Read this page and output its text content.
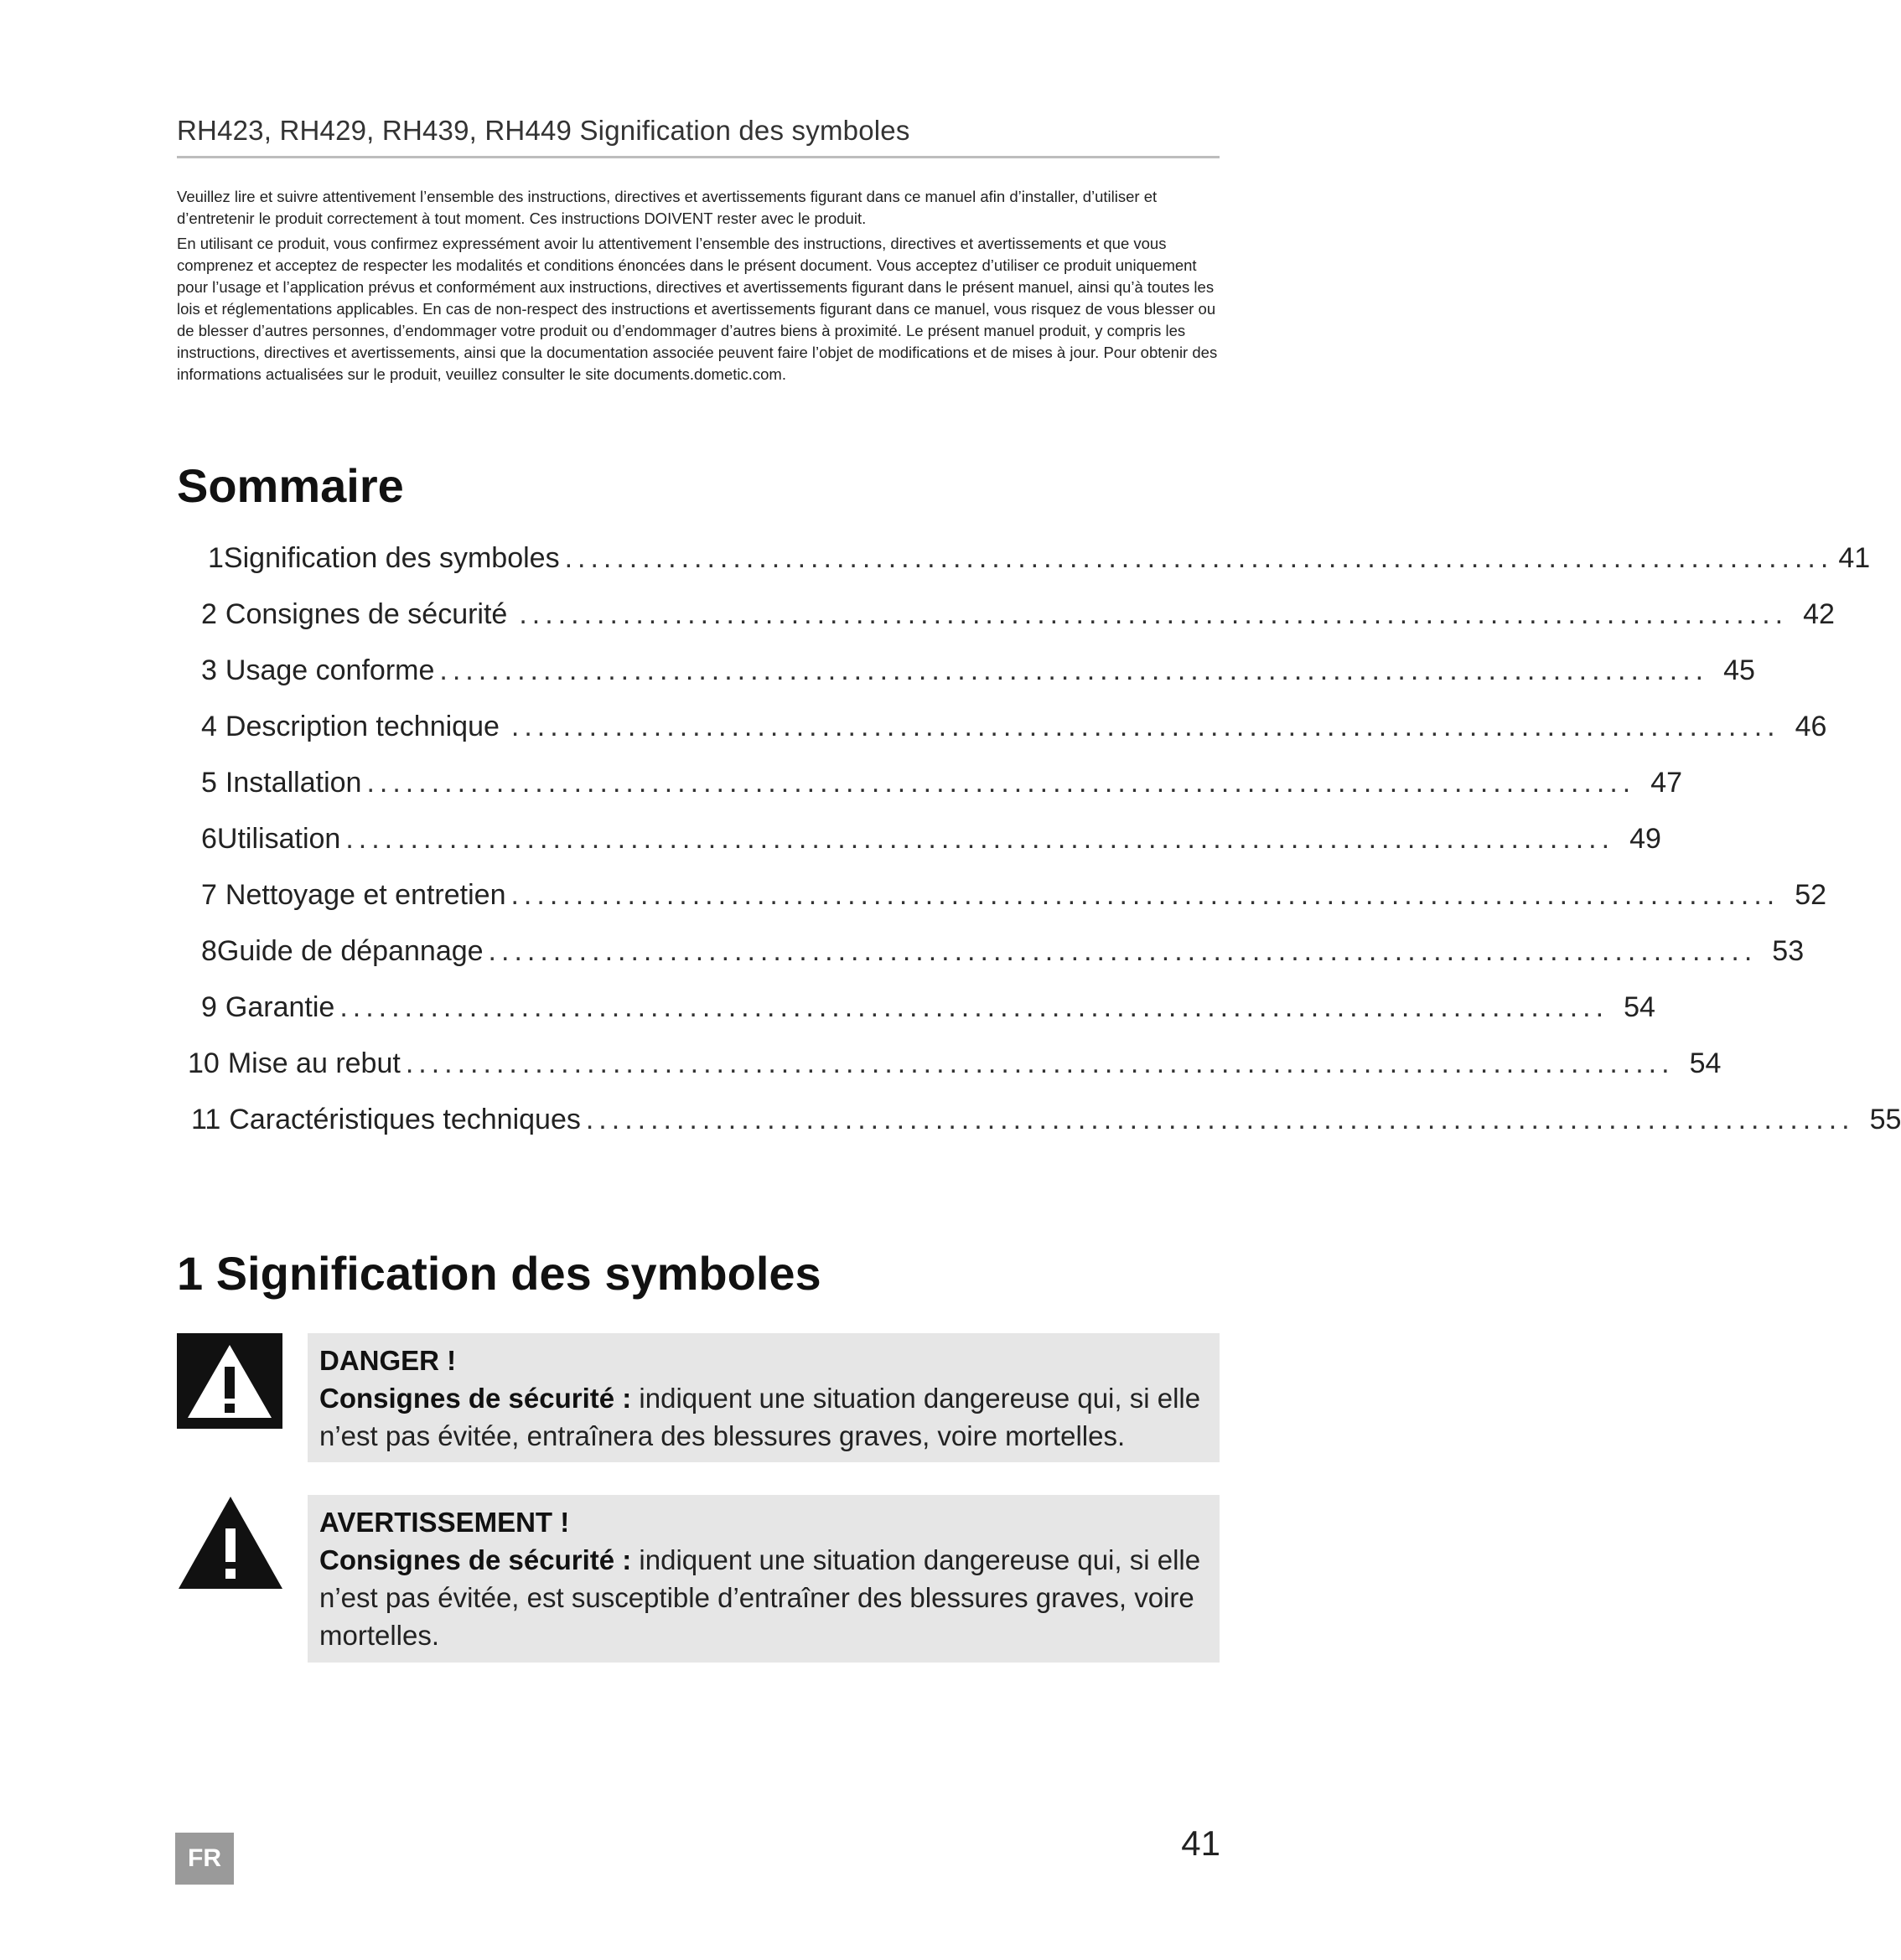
RH423, RH429, RH439, RH449 Signification des symboles

Veuillez lire et suivre attentivement l’ensemble des instructions, directives et avertissements figurant dans ce manuel afin d’installer, d’utiliser et d’entretenir le produit correctement à tout moment. Ces instructions DOIVENT rester avec le produit.

En utilisant ce produit, vous confirmez expressément avoir lu attentivement l’ensemble des instructions, directives et avertissements et que vous comprenez et acceptez de respecter les modalités et conditions énoncées dans le présent document. Vous acceptez d’utiliser ce produit uniquement pour l’usage et l’application prévus et conformément aux instructions, directives et avertissements figurant dans le présent manuel, ainsi qu’à toutes les lois et réglementations applicables. En cas de non-respect des instructions et avertissements figurant dans ce manuel, vous risquez de vous blesser ou de blesser d’autres personnes, d’endommager votre produit ou d’endommager d’autres biens à proximité. Le présent manuel produit, y compris les instructions, directives et avertissements, ainsi que la documentation associée peuvent faire l’objet de modifications et de mises à jour. Pour obtenir des informations actualisées sur le produit, veuillez consulter le site documents.dometic.com.

Sommaire
1 Signification des symboles .................................................................................................. 41
2 Consignes de sécurité .................................................................................................. 42
3 Usage conforme .................................................................................................. 45
4 Description technique .................................................................................................. 46
5 Installation .................................................................................................. 47
6 Utilisation .................................................................................................. 49
7 Nettoyage et entretien .................................................................................................. 52
8 Guide de dépannage .................................................................................................. 53
9 Garantie .................................................................................................. 54
10 Mise au rebut .................................................................................................. 54
11 Caractéristiques techniques .................................................................................................. 55
1 Signification des symboles
DANGER !
Consignes de sécurité : indiquent une situation dangereuse qui, si elle n’est pas évitée, entraînera des blessures graves, voire mortelles.
AVERTISSEMENT !
Consignes de sécurité : indiquent une situation dangereuse qui, si elle n’est pas évitée, est susceptible d’entraîner des blessures graves, voire mortelles.
FR	41
